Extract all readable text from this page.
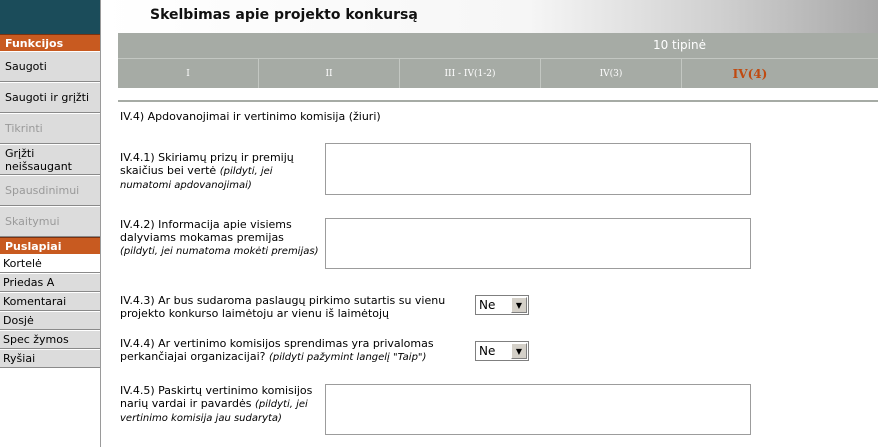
Funkcijos
Saugoti
Saugoti ir grįžti
Tikrinti
Grįžti neišsaugant
Spausdinimui
Skaitymui
Puslapiai
Kortelė
Priedas A
Komentarai
Dosjė
Spec žymos
Ryšiai
Skelbimas apie projekto konkursą
10 tipinė
I	II	III - IV(1-2)	IV(3)	IV(4)
IV.4) Apdovanojimai ir vertinimo komisija (žiuri)
IV.4.1) Skiriamų prizų ir premijų skaičius bei vertė (pildyti, jei numatomi apdovanojimai)
IV.4.2) Informacija apie visiems dalyviams mokamas premijas (pildyti, jei numatoma mokėti premijas)
IV.4.3) Ar bus sudaroma paslaugų pirkimo sutartis su vienu projekto konkurso laimėtoju ar vienu iš laimėtojų
Ne	▼
IV.4.4) Ar vertinimo komisijos sprendimas yra privalomas perkančiajai organizacijai? (pildyti pažymint langelį "Taip")	Ne	▼
IV.4.5) Paskirtų vertinimo komisijos narių vardai ir pavardės (pildyti, jei vertinimo komisija jau sudaryta)
